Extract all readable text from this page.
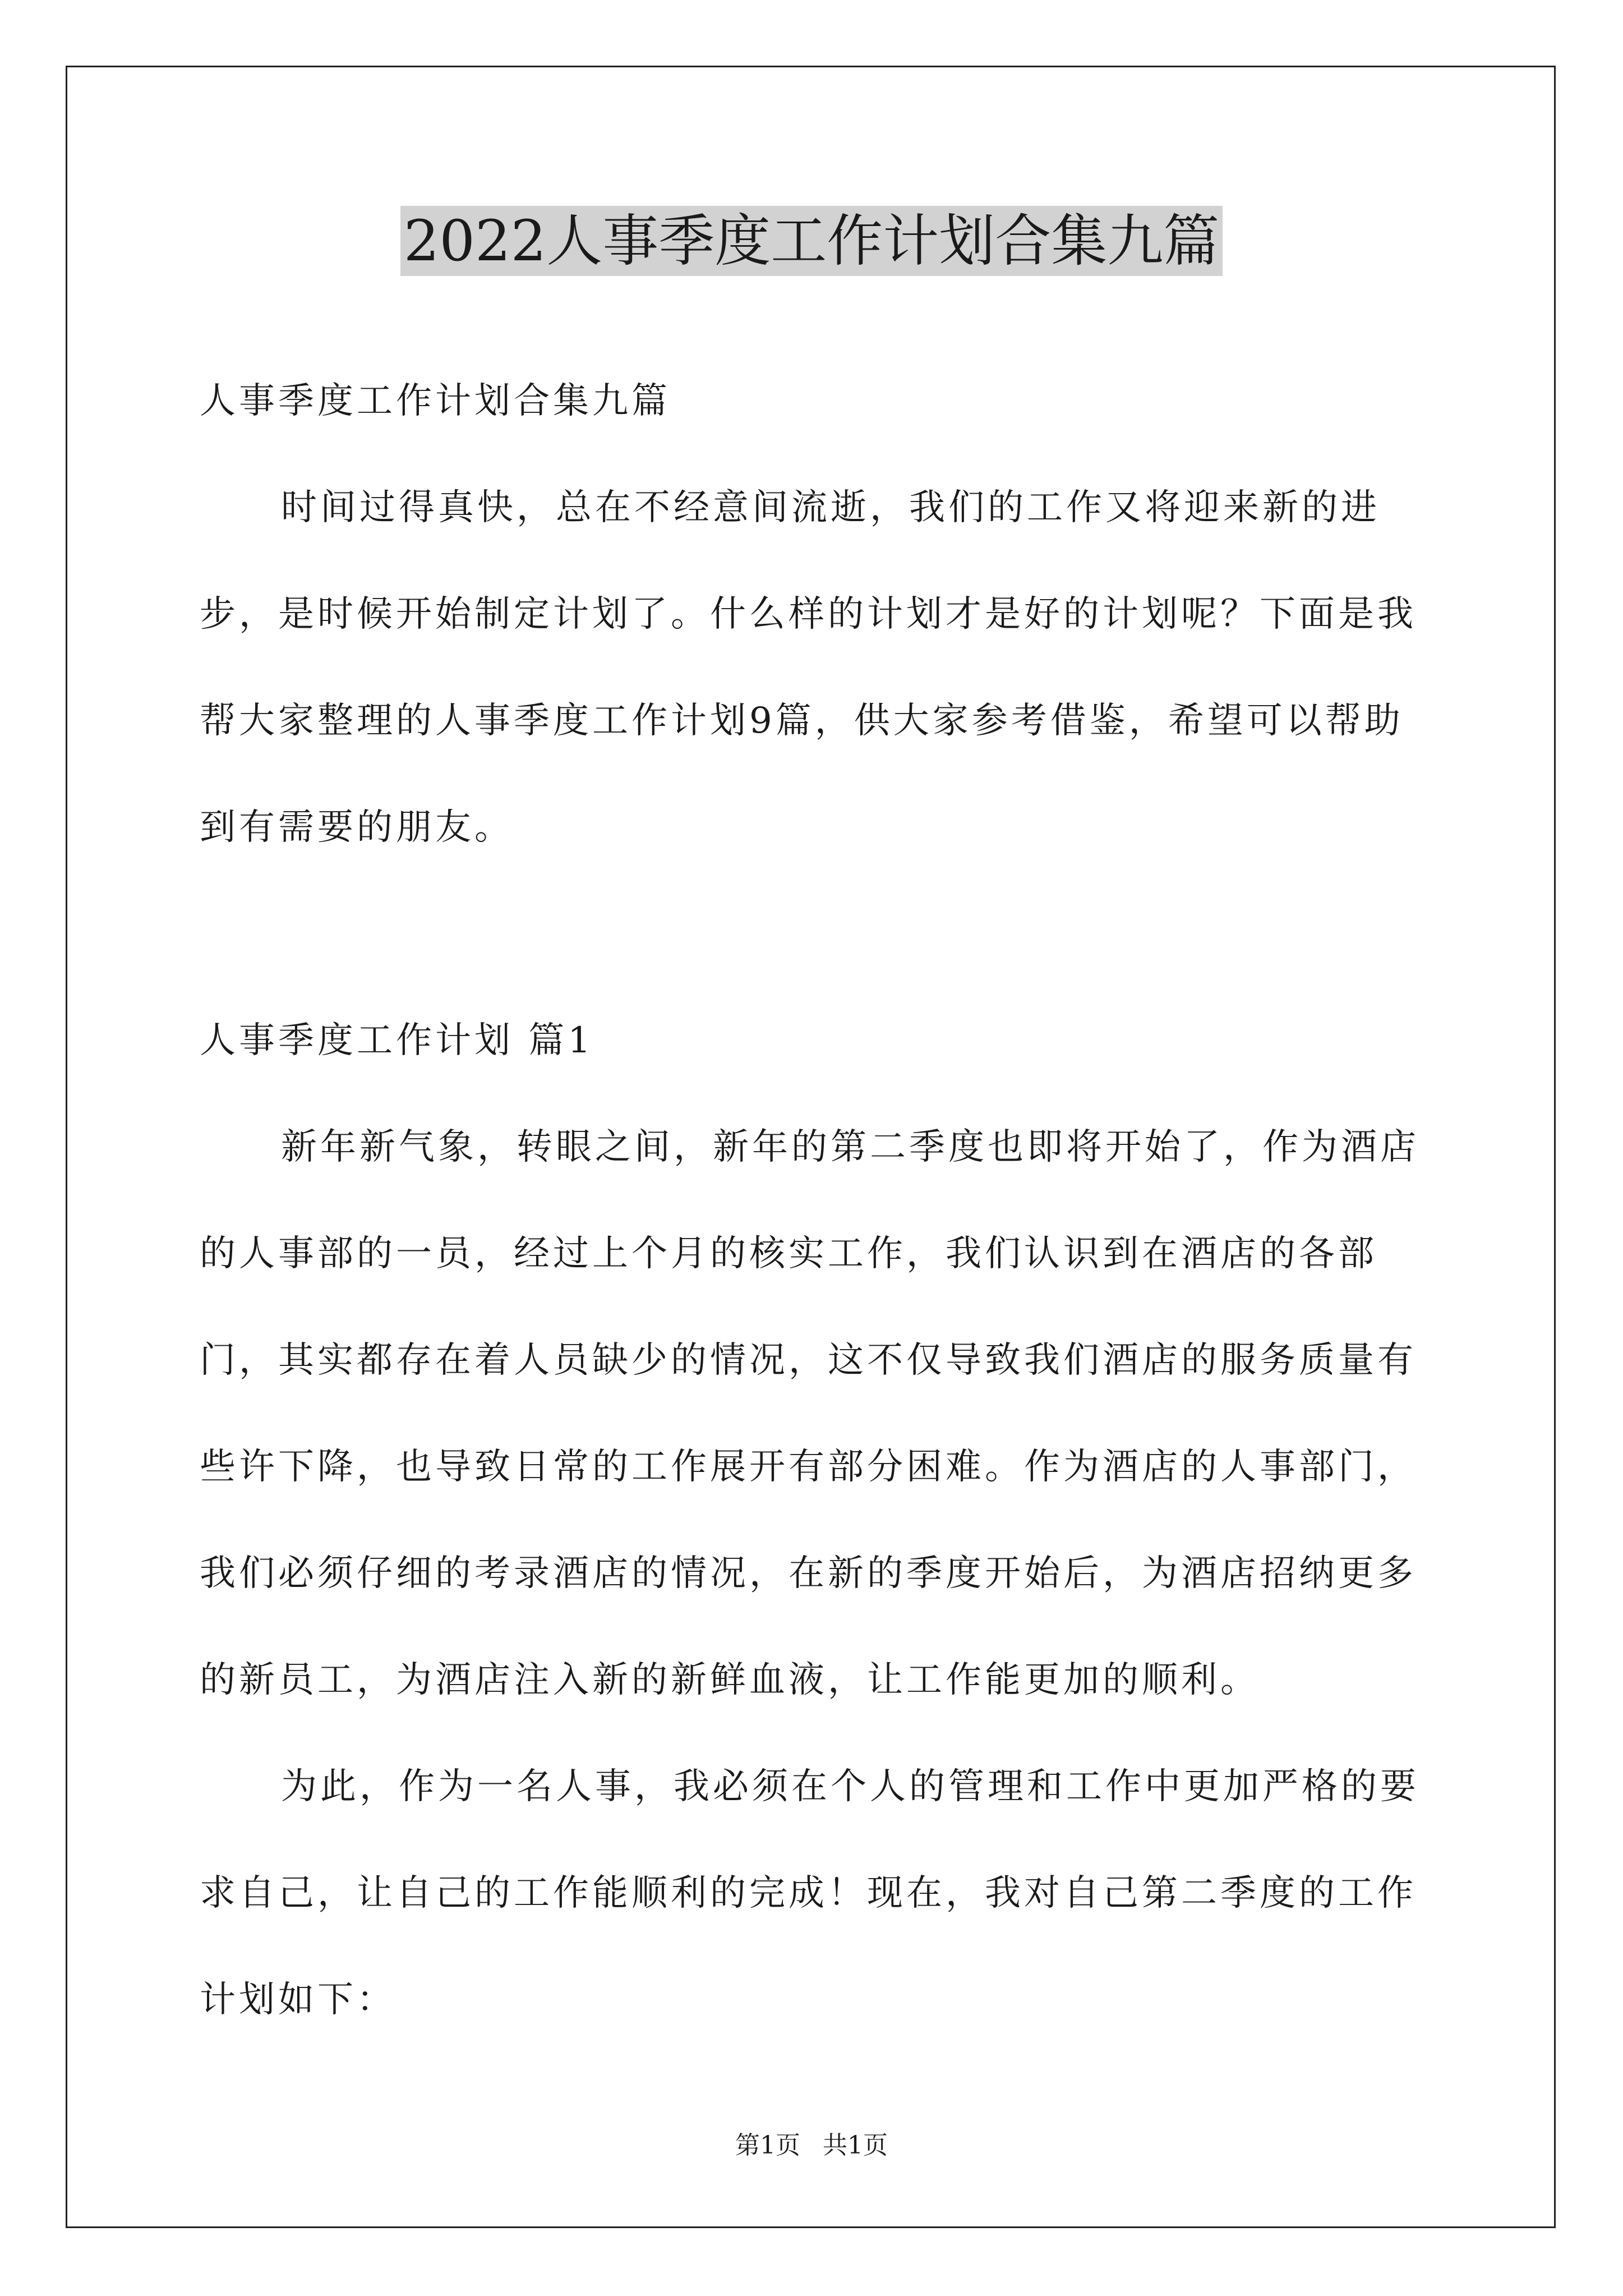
2022人事季度工作计划合集九篇

人事季度工作计划合集九篇

时间过得真快，总在不经意间流逝，我们的工作又将迎来新的进步，是时候开始制定计划了。什么样的计划才是好的计划呢？下面是我帮大家整理的人事季度工作计划9篇，供大家参考借鉴，希望可以帮助到有需要的朋友。

人事季度工作计划 篇1

新年新气象，转眼之间，新年的第二季度也即将开始了，作为酒店的人事部的一员，经过上个月的核实工作，我们认识到在酒店的各部门，其实都存在着人员缺少的情况，这不仅导致我们酒店的服务质量有些许下降，也导致日常的工作展开有部分困难。作为酒店的人事部门，我们必须仔细的考录酒店的情况，在新的季度开始后，为酒店招纳更多的新员工，为酒店注入新的新鲜血液，让工作能更加的顺利。

为此，作为一名人事，我必须在个人的管理和工作中更加严格的要求自己，让自己的工作能顺利的完成！现在，我对自己第二季度的工作计划如下：

第1页 共1页
